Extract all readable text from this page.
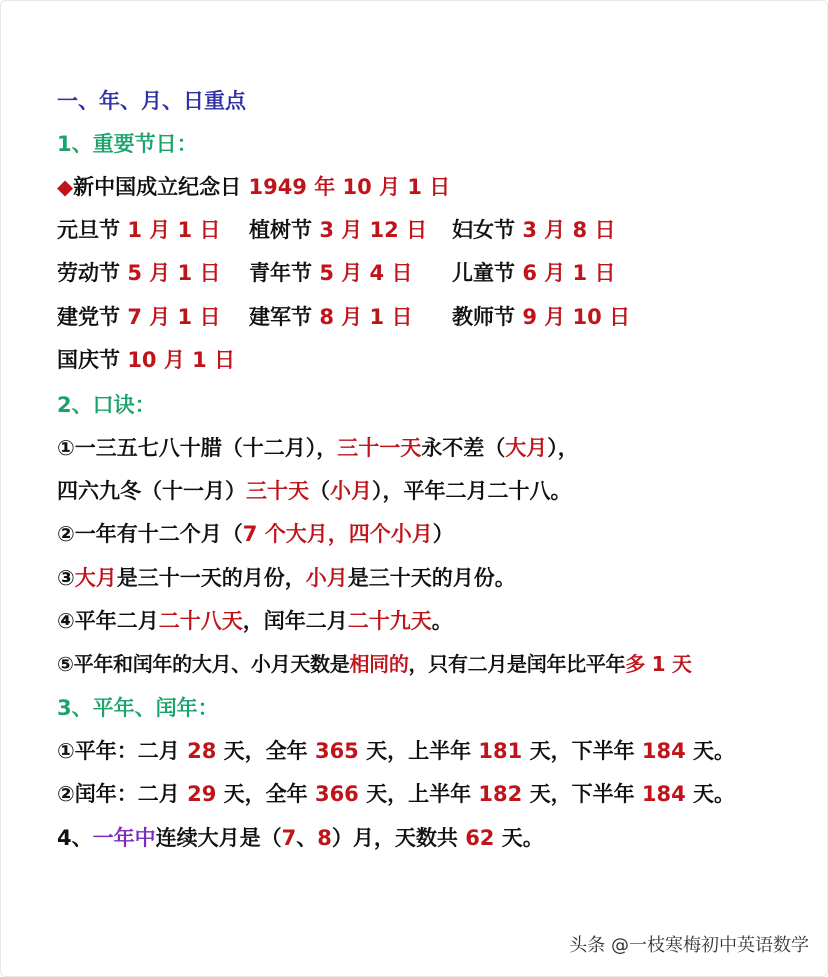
一、年、月、日重点
1、重要节日：
◆新中国成立纪念日 1949 年 10 月 1 日
元旦节 1 月 1 日 植树节 3 月 12 日 妇女节 3 月 8 日
劳动节 5 月 1 日 青年节 5 月 4 日 儿童节 6 月 1 日
建党节 7 月 1 日 建军节 8 月 1 日 教师节 9 月 10 日
国庆节 10 月 1 日
2、口诀：
①一三五七八十腊（十二月），三十一天永不差（大月），
四六九冬（十一月）三十天（小月），平年二月二十八。
②一年有十二个月（7 个大月，四个小月）
③大月是三十一天的月份，小月是三十天的月份。
④平年二月二十八天，闰年二月二十九天。
⑤平年和闰年的大月、小月天数是相同的，只有二月是闰年比平年多 1 天
3、平年、闰年：
①平年：二月 28 天，全年 365 天，上半年 181 天，下半年 184 天。
②闰年：二月 29 天，全年 366 天，上半年 182 天，下半年 184 天。
4、一年中连续大月是（7、8）月，天数共 62 天。
头条 @一枝寒梅初中英语数学
